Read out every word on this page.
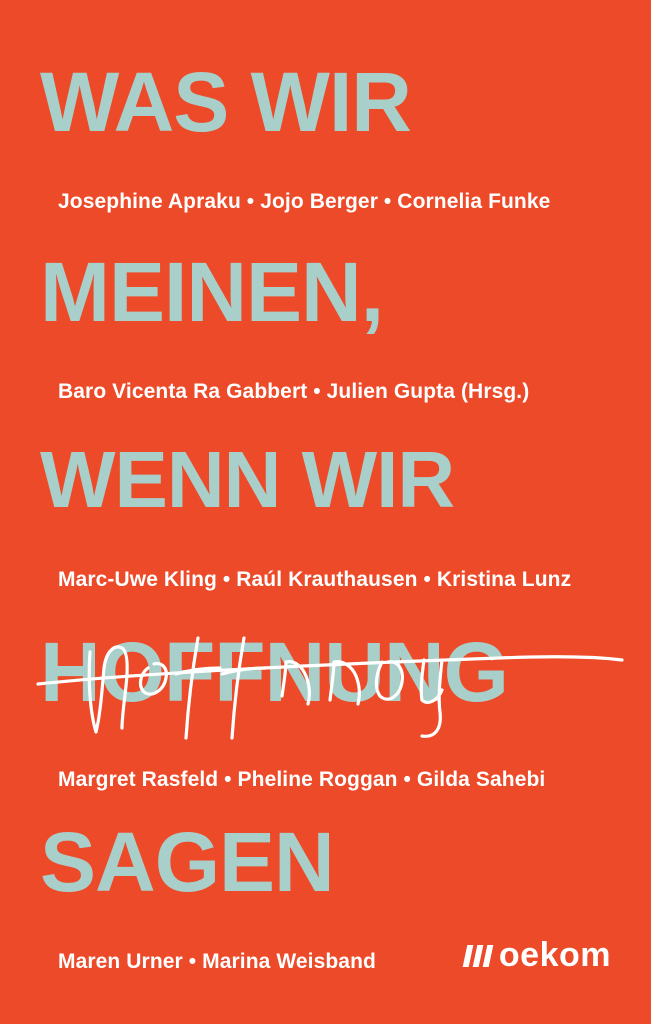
WAS WIR
Josephine Apraku • Jojo Berger • Cornelia Funke
MEINEN,
Baro Vicenta Ra Gabbert • Julien Gupta (Hrsg.)
WENN WIR
Marc-Uwe Kling • Raúl Krauthausen • Kristina Lunz
HOFFNUNG
Margret Rasfeld • Pheline Roggan • Gilda Sahebi
SAGEN
Maren Urner • Marina Weisband	oekom
